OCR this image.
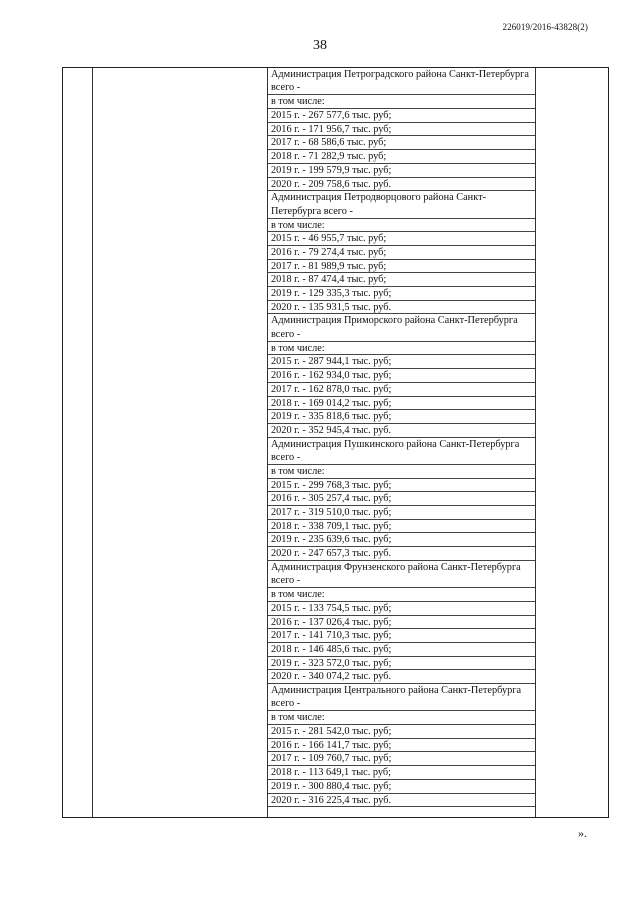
226019/2016-43828(2)
38
Администрация Петроградского района Санкт-Петербурга всего -
в том числе:
2015 г. - 267 577,6 тыс. руб;
2016 г. - 171 956,7 тыс. руб;
2017 г. - 68 586,6 тыс. руб;
2018 г. - 71 282,9 тыс. руб;
2019 г. - 199 579,9 тыс. руб;
2020 г. - 209 758,6 тыс. руб.
Администрация Петродворцового района Санкт-Петербурга всего -
в том числе:
2015 г. - 46 955,7 тыс. руб;
2016 г. - 79 274,4 тыс. руб;
2017 г. - 81 989,9 тыс. руб;
2018 г. - 87 474,4 тыс. руб;
2019 г. - 129 335,3 тыс. руб;
2020 г. - 135 931,5 тыс. руб.
Администрация Приморского района Санкт-Петербурга всего -
в том числе:
2015 г. - 287 944,1 тыс. руб;
2016 г. - 162 934,0 тыс. руб;
2017 г. - 162 878,0 тыс. руб;
2018 г. - 169 014,2 тыс. руб;
2019 г. - 335 818,6 тыс. руб;
2020 г. - 352 945,4 тыс. руб.
Администрация Пушкинского района Санкт-Петербурга всего -
в том числе:
2015 г. - 299 768,3 тыс. руб;
2016 г. - 305 257,4 тыс. руб;
2017 г. - 319 510,0 тыс. руб;
2018 г. - 338 709,1 тыс. руб;
2019 г. - 235 639,6 тыс. руб;
2020 г. - 247 657,3 тыс. руб.
Администрация Фрунзенского района Санкт-Петербурга всего -
в том числе:
2015 г. - 133 754,5 тыс. руб;
2016 г. - 137 026,4 тыс. руб;
2017 г. - 141 710,3 тыс. руб;
2018 г. - 146 485,6 тыс. руб;
2019 г. - 323 572,0 тыс. руб;
2020 г. - 340 074,2 тыс. руб.
Администрация Центрального района Санкт-Петербурга всего -
в том числе:
2015 г. - 281 542,0 тыс. руб;
2016 г. - 166 141,7 тыс. руб;
2017 г. - 109 760,7 тыс. руб;
2018 г. - 113 649,1 тыс. руб;
2019 г. - 300 880,4 тыс. руб;
2020 г. - 316 225,4 тыс. руб.
».
